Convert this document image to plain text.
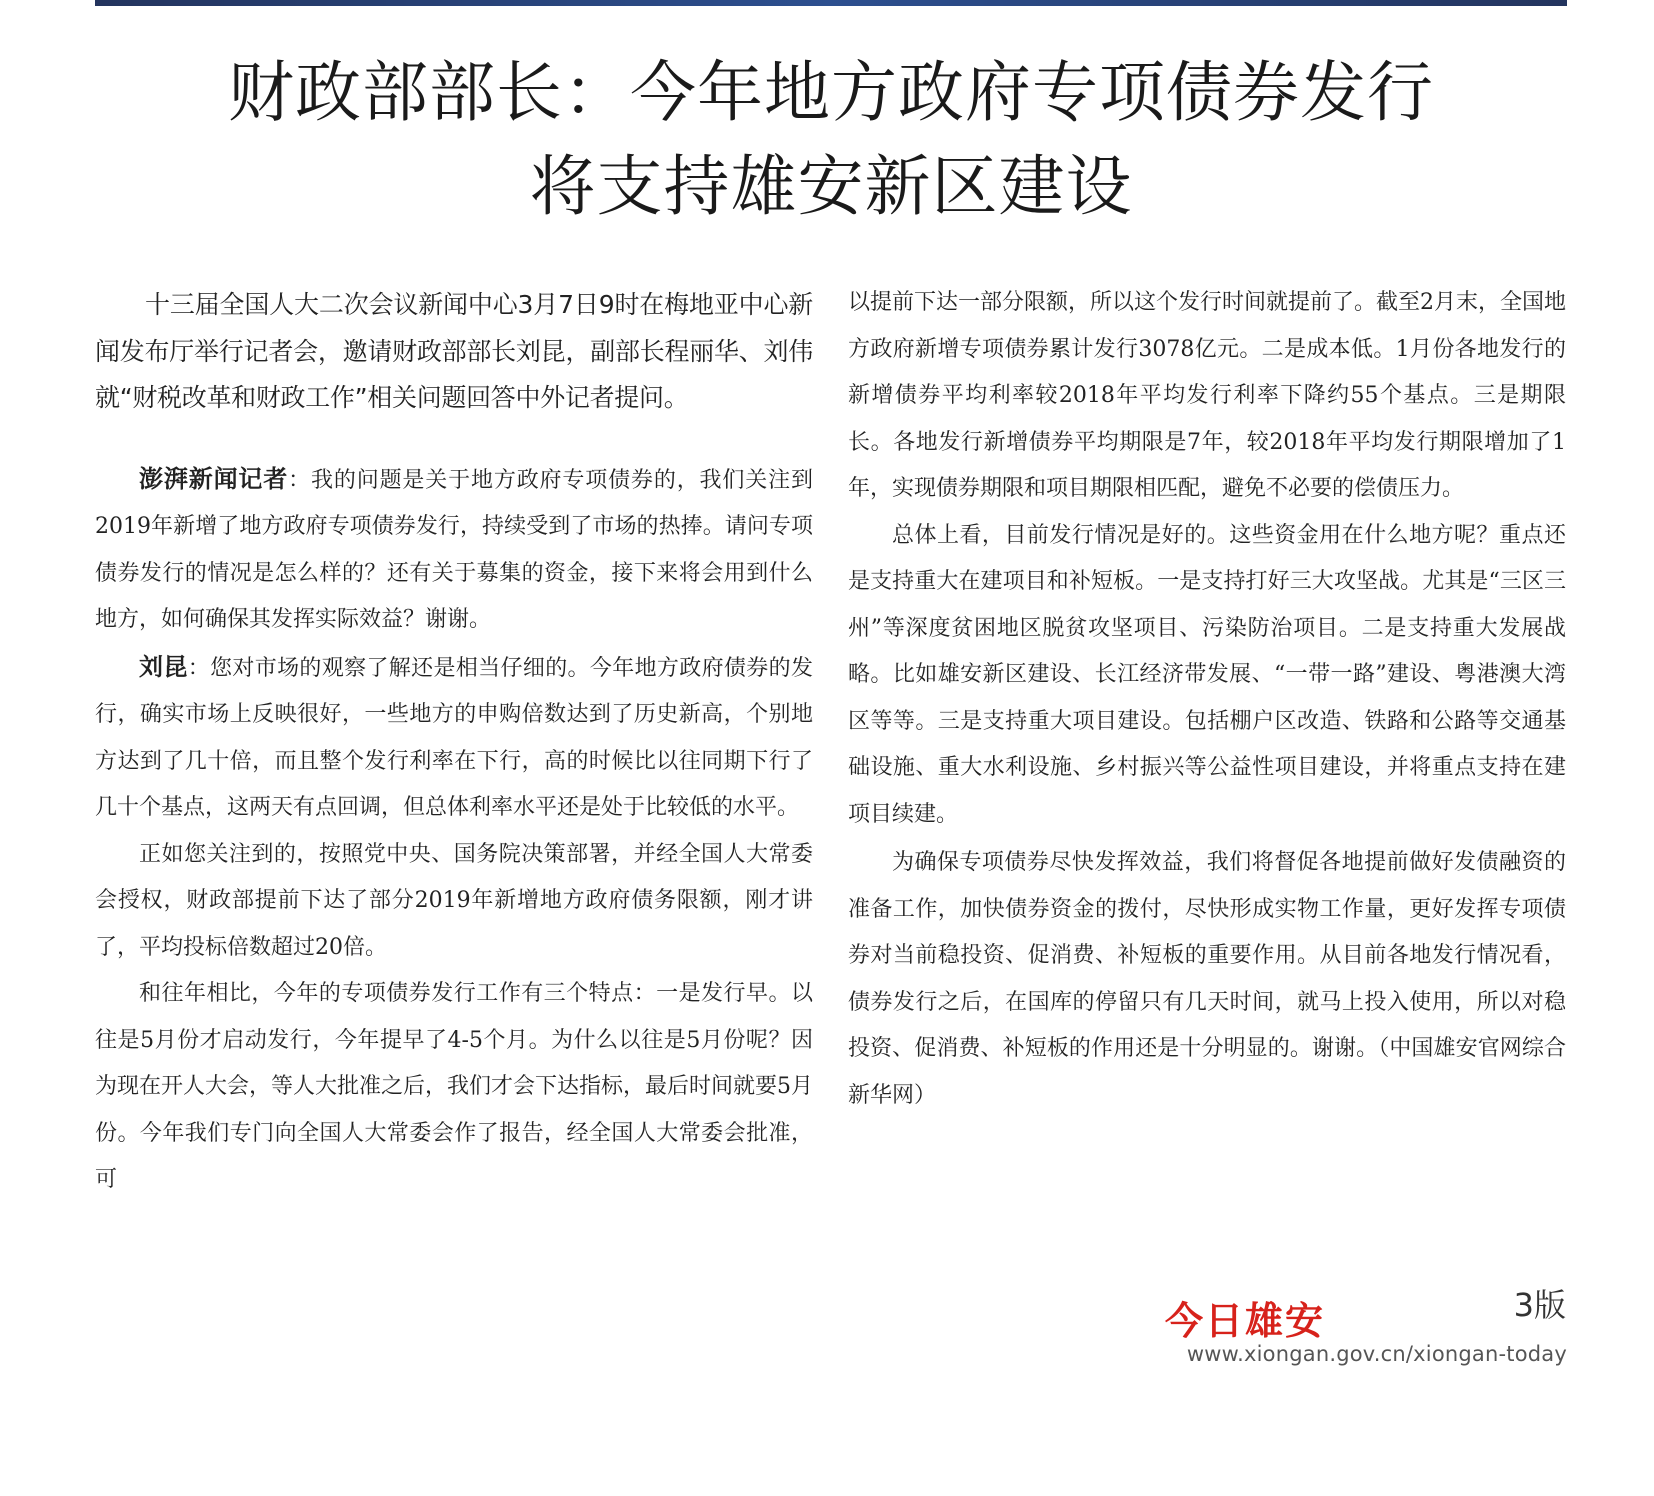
财政部部长：今年地方政府专项债券发行
将支持雄安新区建设

十三届全国人大二次会议新闻中心3月7日9时在梅地亚中心新闻发布厅举行记者会，邀请财政部部长刘昆，副部长程丽华、刘伟就“财税改革和财政工作”相关问题回答中外记者提问。

澎湃新闻记者：我的问题是关于地方政府专项债券的，我们关注到2019年新增了地方政府专项债券发行，持续受到了市场的热捧。请问专项债券发行的情况是怎么样的？还有关于募集的资金，接下来将会用到什么地方，如何确保其发挥实际效益？谢谢。

刘昆：您对市场的观察了解还是相当仔细的。今年地方政府债券的发行，确实市场上反映很好，一些地方的申购倍数达到了历史新高，个别地方达到了几十倍，而且整个发行利率在下行，高的时候比以往同期下行了几十个基点，这两天有点回调，但总体利率水平还是处于比较低的水平。

正如您关注到的，按照党中央、国务院决策部署，并经全国人大常委会授权，财政部提前下达了部分2019年新增地方政府债务限额，刚才讲了，平均投标倍数超过20倍。

和往年相比，今年的专项债券发行工作有三个特点：一是发行早。以往是5月份才启动发行，今年提早了4-5个月。为什么以往是5月份呢？因为现在开人大会，等人大批准之后，我们才会下达指标，最后时间就要5月份。今年我们专门向全国人大常委会作了报告，经全国人大常委会批准，可

以提前下达一部分限额，所以这个发行时间就提前了。截至2月末，全国地方政府新增专项债券累计发行3078亿元。二是成本低。1月份各地发行的新增债券平均利率较2018年平均发行利率下降约55个基点。三是期限长。各地发行新增债券平均期限是7年，较2018年平均发行期限增加了1年，实现债券期限和项目期限相匹配，避免不必要的偿债压力。

总体上看，目前发行情况是好的。这些资金用在什么地方呢？重点还是支持重大在建项目和补短板。一是支持打好三大攻坚战。尤其是“三区三州”等深度贫困地区脱贫攻坚项目、污染防治项目。二是支持重大发展战略。比如雄安新区建设、长江经济带发展、“一带一路”建设、粤港澳大湾区等等。三是支持重大项目建设。包括棚户区改造、铁路和公路等交通基础设施、重大水利设施、乡村振兴等公益性项目建设，并将重点支持在建项目续建。

为确保专项债券尽快发挥效益，我们将督促各地提前做好发债融资的准备工作，加快债券资金的拨付，尽快形成实物工作量，更好发挥专项债券对当前稳投资、促消费、补短板的重要作用。从目前各地发行情况看，债券发行之后，在国库的停留只有几天时间，就马上投入使用，所以对稳投资、促消费、补短板的作用还是十分明显的。谢谢。（中国雄安官网综合新华网）

今日雄安	3版
www.xiongan.gov.cn/xiongan-today
